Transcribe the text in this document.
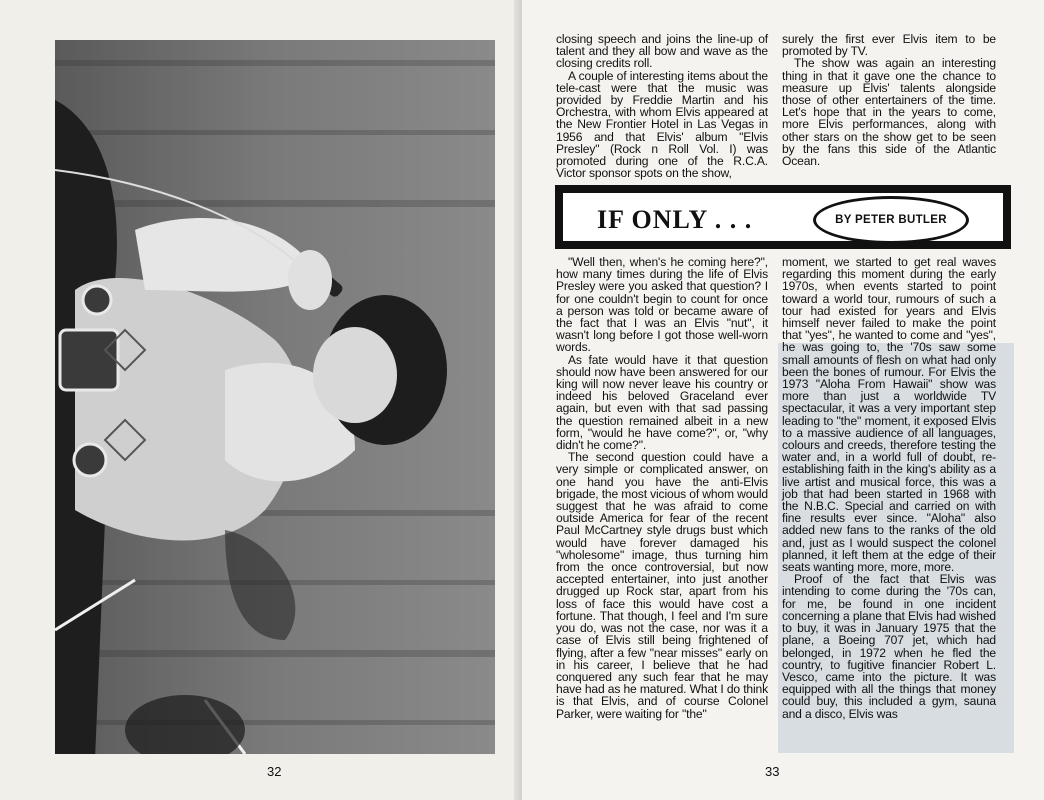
32

closing speech and joins the line-up of talent and they all bow and wave as the closing credits roll.

A couple of interesting items about the tele-cast were that the music was provided by Freddie Martin and his Orchestra, with whom Elvis appeared at the New Frontier Hotel in Las Vegas in 1956 and that Elvis' album "Elvis Presley" (Rock n Roll Vol. I) was promoted during one of the R.C.A. Victor sponsor spots on the show,

surely the first ever Elvis item to be promoted by TV.

The show was again an interesting thing in that it gave one the chance to measure up Elvis' talents alongside those of other entertainers of the time. Let's hope that in the years to come, more Elvis performances, along with other stars on the show get to be seen by the fans this side of the Atlantic Ocean.

IF ONLY . . .	BY PETER BUTLER

"Well then, when's he coming here?", how many times during the life of Elvis Presley were you asked that question? I for one couldn't begin to count for once a person was told or became aware of the fact that I was an Elvis "nut", it wasn't long before I got those well-worn words.

As fate would have it that question should now have been answered for our king will now never leave his country or indeed his beloved Graceland ever again, but even with that sad passing the question remained albeit in a new form, "would he have come?", or, "why didn't he come?".

The second question could have a very simple or complicated answer, on one hand you have the anti-Elvis brigade, the most vicious of whom would suggest that he was afraid to come outside America for fear of the recent Paul McCartney style drugs bust which would have forever damaged his "wholesome" image, thus turning him from the once controversial, but now accepted entertainer, into just another drugged up Rock star, apart from his loss of face this would have cost a fortune. That though, I feel and I'm sure you do, was not the case, nor was it a case of Elvis still being frightened of flying, after a few "near misses" early on in his career, I believe that he had conquered any such fear that he may have had as he matured. What I do think is that Elvis, and of course Colonel Parker, were waiting for "the"

moment, we started to get real waves regarding this moment during the early 1970s, when events started to point toward a world tour, rumours of such a tour had existed for years and Elvis himself never failed to make the point that "yes", he wanted to come and "yes", he was going to, the '70s saw some small amounts of flesh on what had only been the bones of rumour. For Elvis the 1973 "Aloha From Hawaii" show was more than just a worldwide TV spectacular, it was a very important step leading to "the" moment, it exposed Elvis to a massive audience of all languages, colours and creeds, therefore testing the water and, in a world full of doubt, re-establishing faith in the king's ability as a live artist and musical force, this was a job that had been started in 1968 with the N.B.C. Special and carried on with fine results ever since. "Aloha" also added new fans to the ranks of the old and, just as I would suspect the colonel planned, it left them at the edge of their seats wanting more, more, more.

Proof of the fact that Elvis was intending to come during the '70s can, for me, be found in one incident concerning a plane that Elvis had wished to buy, it was in January 1975 that the plane, a Boeing 707 jet, which had belonged, in 1972 when he fled the country, to fugitive financier Robert L. Vesco, came into the picture. It was equipped with all the things that money could buy, this included a gym, sauna and a disco, Elvis was

33
